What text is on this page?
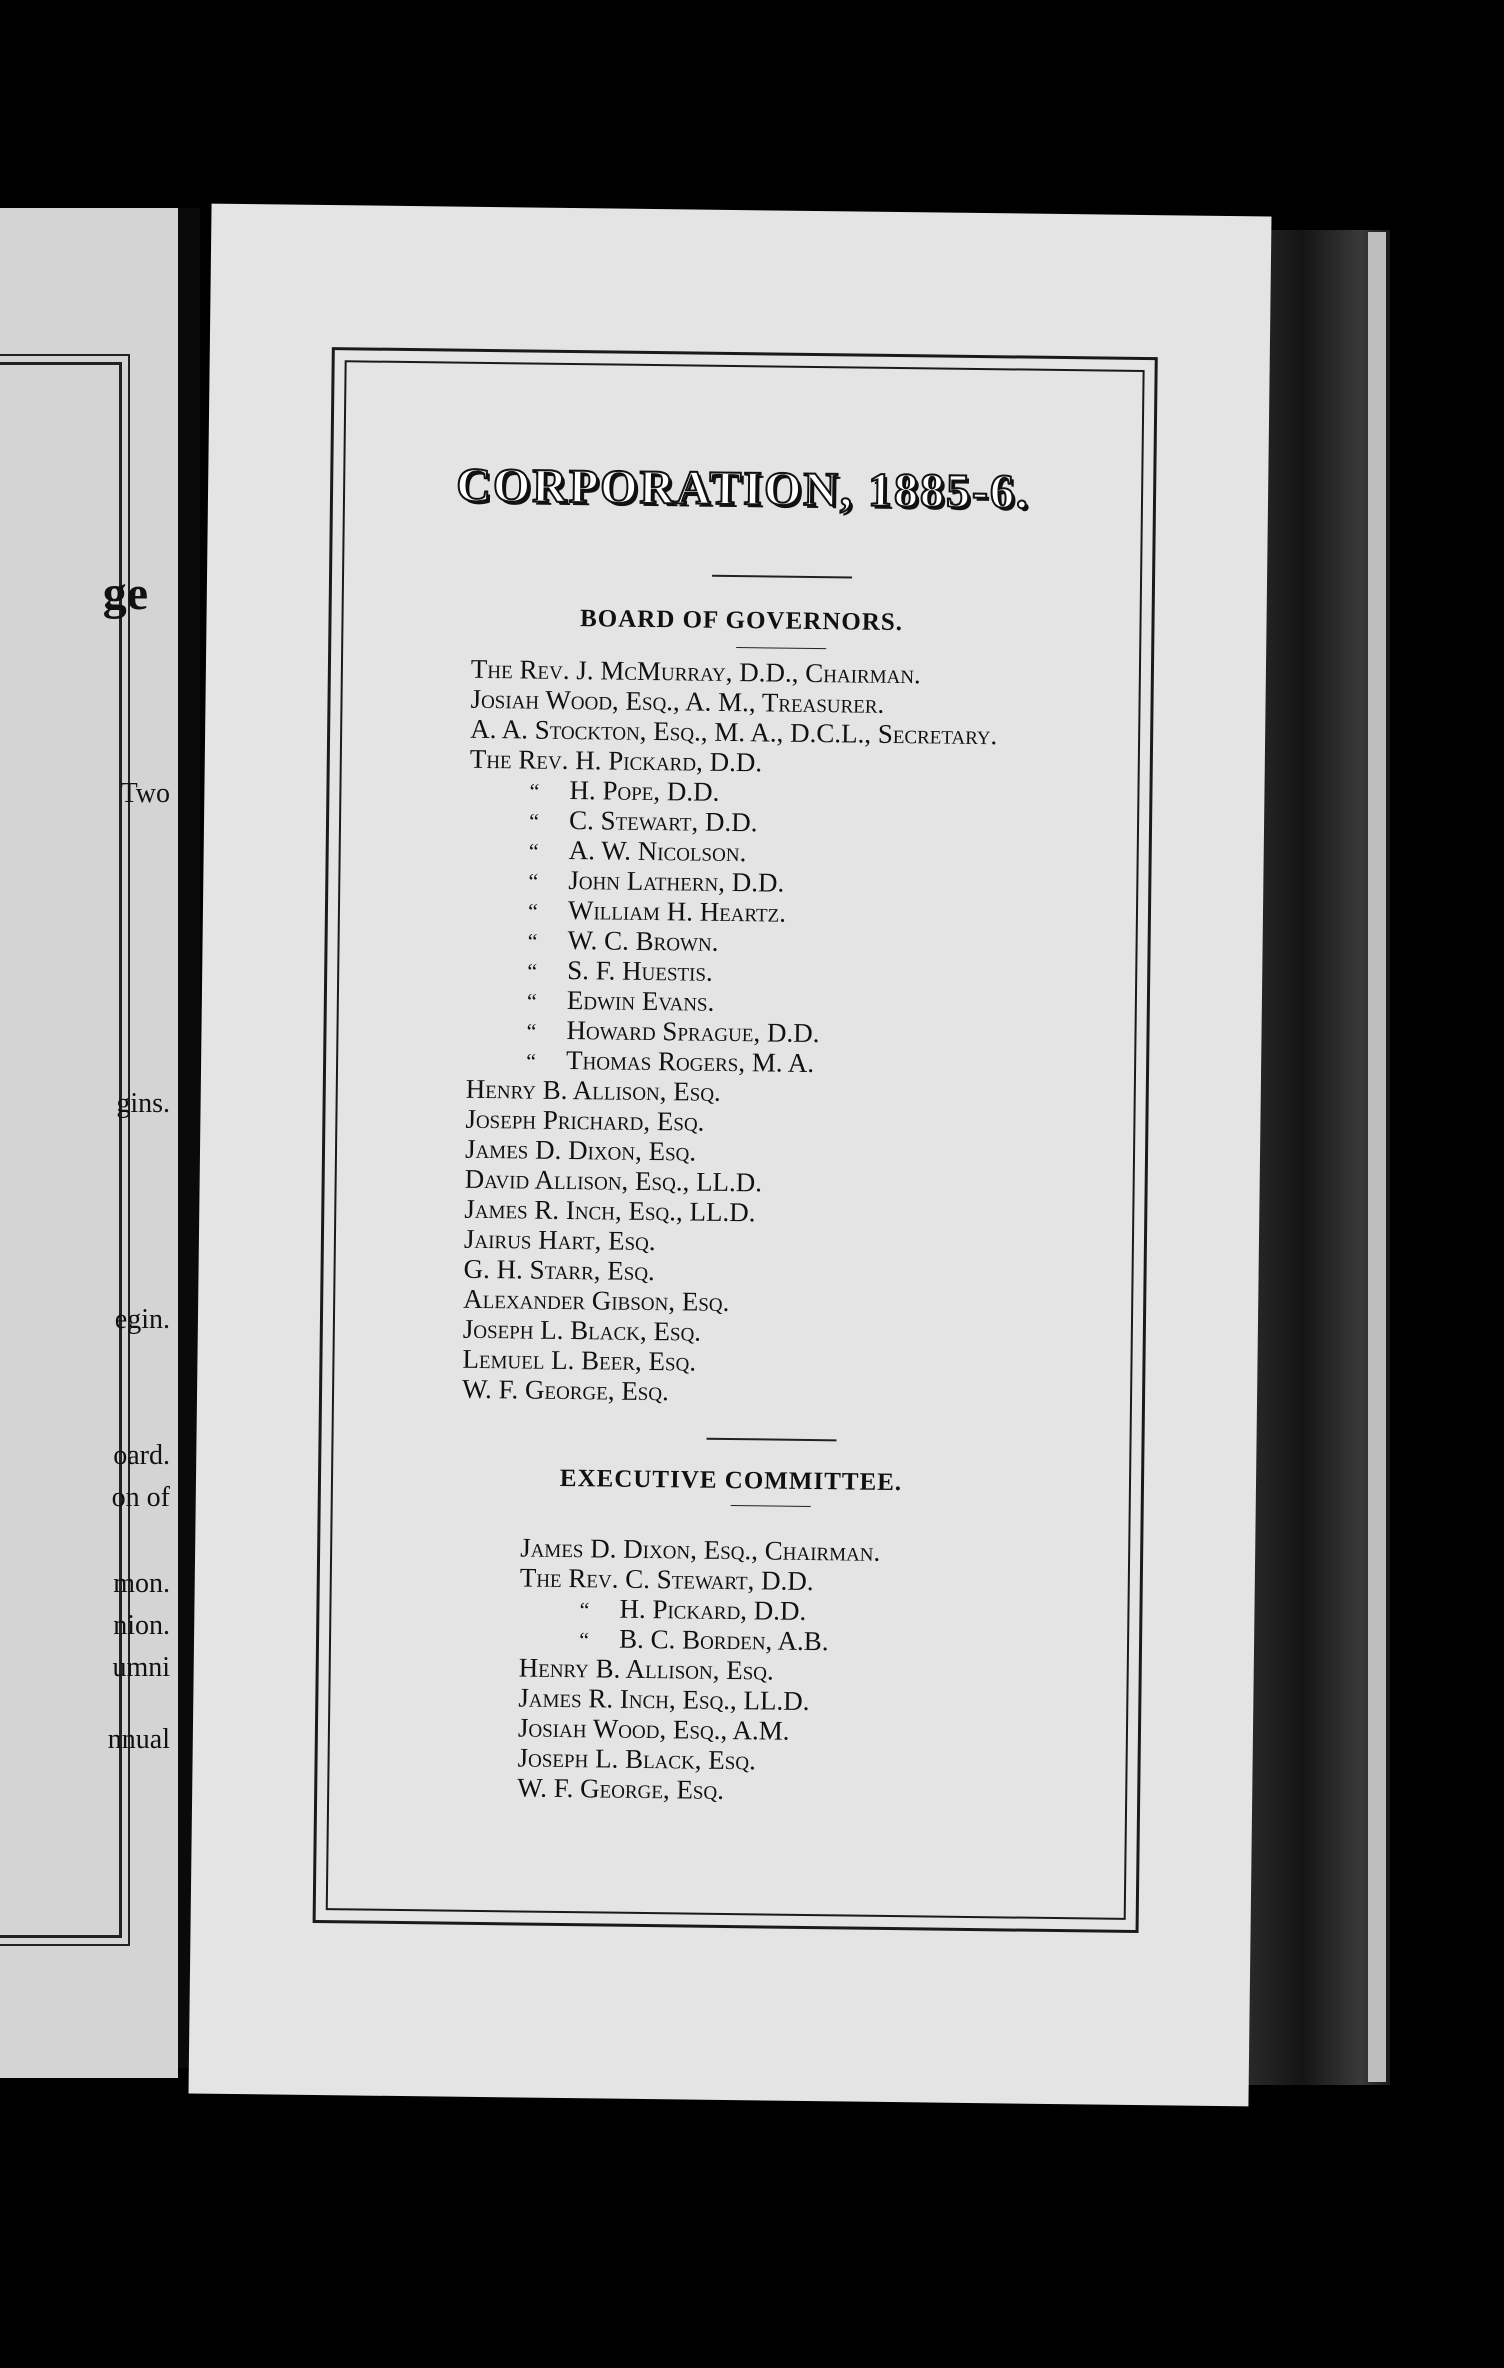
ge
Two
gins.
egin.
oard.
on of
mon.
nion.
umni
nnual
CORPORATION, 1885-6.
BOARD OF GOVERNORS.
The Rev. J. McMurray, D.D., Chairman.
Josiah Wood, Esq., A. M., Treasurer.
A. A. Stockton, Esq., M. A., D.C.L., Secretary.
The Rev. H. Pickard, D.D.
“ H. Pope, D.D.
“ C. Stewart, D.D.
“ A. W. Nicolson.
“ John Lathern, D.D.
“ William H. Heartz.
“ W. C. Brown.
“ S. F. Huestis.
“ Edwin Evans.
“ Howard Sprague, D.D.
“ Thomas Rogers, M. A.
Henry B. Allison, Esq.
Joseph Prichard, Esq.
James D. Dixon, Esq.
David Allison, Esq., LL.D.
James R. Inch, Esq., LL.D.
Jairus Hart, Esq.
G. H. Starr, Esq.
Alexander Gibson, Esq.
Joseph L. Black, Esq.
Lemuel L. Beer, Esq.
W. F. George, Esq.
EXECUTIVE COMMITTEE.
James D. Dixon, Esq., Chairman.
The Rev. C. Stewart, D.D.
“ H. Pickard, D.D.
“ B. C. Borden, A.B.
Henry B. Allison, Esq.
James R. Inch, Esq., LL.D.
Josiah Wood, Esq., A.M.
Joseph L. Black, Esq.
W. F. George, Esq.
